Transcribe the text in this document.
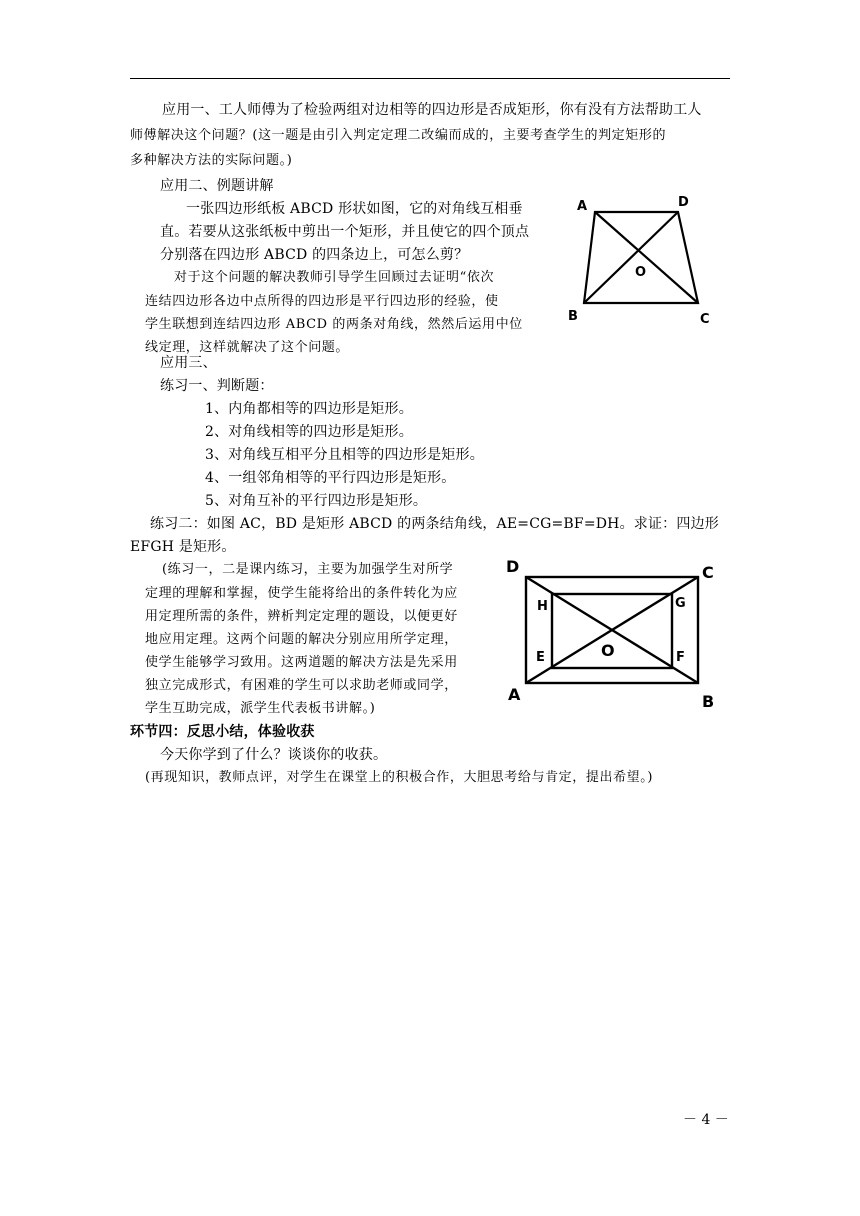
应用一、工人师傅为了检验两组对边相等的四边形是否成矩形，你有没有方法帮助工人
师傅解决这个问题？(这一题是由引入判定定理二改编而成的，主要考查学生的判定矩形的
多种解决方法的实际问题。)
应用二、例题讲解
一张四边形纸板 ABCD 形状如图，它的对角线互相垂
直。若要从这张纸板中剪出一个矩形，并且使它的四个顶点
分别落在四边形 ABCD 的四条边上，可怎么剪？
对于这个问题的解决教师引导学生回顾过去证明“依次
连结四边形各边中点所得的四边形是平行四边形的经验，使
学生联想到连结四边形 ABCD 的两条对角线，然然后运用中位
线定理，这样就解决了这个问题。
A	D
O
B	C
应用三、
练习一、判断题：
1、内角都相等的四边形是矩形。
2、对角线相等的四边形是矩形。
3、对角线互相平分且相等的四边形是矩形。
4、一组邻角相等的平行四边形是矩形。
5、对角互补的平行四边形是矩形。
练习二：如图 AC，BD 是矩形 ABCD 的两条结角线，AE=CG=BF=DH。求证：四边形
EFGH 是矩形。
(练习一，二是课内练习，主要为加强学生对所学
定理的理解和掌握，使学生能将给出的条件转化为应
用定理所需的条件，辨析判定定理的题设，以便更好
地应用定理。这两个问题的解决分别应用所学定理，
使学生能够学习致用。这两道题的解决方法是先采用
独立完成形式，有困难的学生可以求助老师或同学，
学生互助完成，派学生代表板书讲解。)
D	C
H	G
E	F
O
A	B
环节四：反思小结，体验收获
今天你学到了什么？谈谈你的收获。
(再现知识，教师点评，对学生在课堂上的积极合作，大胆思考给与肯定，提出希望。)
－ 4 －
